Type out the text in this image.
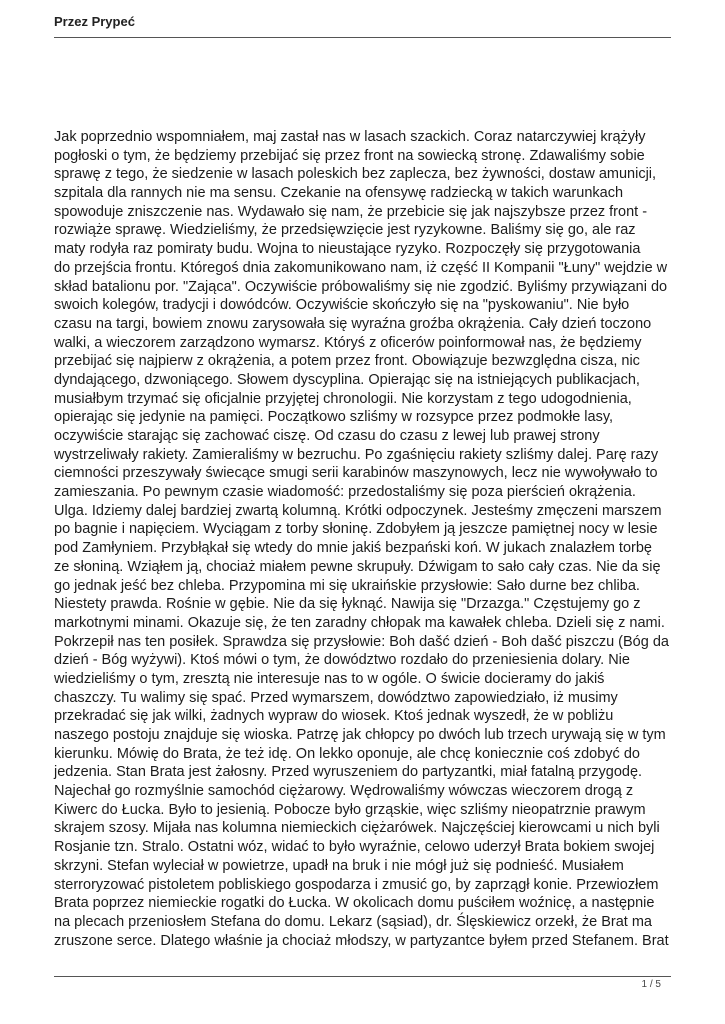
Przez Prypeć
Jak poprzednio wspomniałem, maj zastał nas w lasach szackich. Coraz natarczywiej krążyły
pogłoski o tym, że będziemy przebijać się przez front na sowiecką stronę. Zdawaliśmy sobie
sprawę z tego, że siedzenie w lasach poleskich bez zaplecza, bez żywności, dostaw amunicji,
szpitala dla rannych nie ma sensu. Czekanie na ofensywę radziecką w takich warunkach
spowoduje zniszczenie nas. Wydawało się nam, że przebicie się jak najszybsze przez front -
rozwiąże sprawę. Wiedzieliśmy, że przedsięwzięcie jest ryzykowne. Baliśmy się go, ale raz
maty rodyła raz pomiraty budu. Wojna to nieustające ryzyko. Rozpoczęły się przygotowania
do przejścia frontu. Któregoś dnia zakomunikowano nam, iż część II Kompanii "Łuny" wejdzie w
skład batalionu por. "Zająca". Oczywiście próbowaliśmy się nie zgodzić. Byliśmy przywiązani do
swoich kolegów, tradycji i dowódców. Oczywiście skończyło się na "pyskowaniu". Nie było
czasu na targi, bowiem znowu zarysowała się wyraźna groźba okrążenia. Cały dzień toczono
walki, a wieczorem zarządzono wymarsz. Któryś z oficerów poinformował nas, że będziemy
przebijać się najpierw z okrążenia, a potem przez front. Obowiązuje bezwzględna cisza, nic
dyndającego, dzwoniącego. Słowem dyscyplina. Opierając się na istniejących publikacjach,
musiałbym trzymać się oficjalnie przyjętej chronologii. Nie korzystam z tego udogodnienia,
opierając się jedynie na pamięci. Początkowo szliśmy w rozsypce przez podmokłe lasy,
oczywiście starając się zachować ciszę. Od czasu do czasu z lewej lub prawej strony
wystrzeliwały rakiety. Zamieraliśmy w bezruchu. Po zgaśnięciu rakiety szliśmy dalej. Parę razy
ciemności przeszywały świecące smugi serii karabinów maszynowych, lecz nie wywoływało to
zamieszania. Po pewnym czasie wiadomość: przedostaliśmy się poza pierścień okrążenia.
Ulga. Idziemy dalej bardziej zwartą kolumną. Krótki odpoczynek. Jesteśmy zmęczeni marszem
po bagnie i napięciem. Wyciągam z torby słoninę. Zdobyłem ją jeszcze pamiętnej nocy w lesie
pod Zamłyniem. Przybłąkał się wtedy do mnie jakiś bezpański koń. W jukach znalazłem torbę
ze słoniną. Wziąłem ją, chociaż miałem pewne skrupuły. Dźwigam to sało cały czas. Nie da się
go jednak jeść bez chleba. Przypomina mi się ukraińskie przysłowie: Sało durne bez chliba.
Niestety prawda. Rośnie w gębie. Nie da się łyknąć. Nawija się "Drzazga." Częstujemy go z
markotnymi minami. Okazuje się, że ten zaradny chłopak ma kawałek chleba. Dzieli się z nami.
Pokrzepił nas ten posiłek. Sprawdza się przysłowie: Boh dašć dzień - Boh dašć piszczu (Bóg da
dzień - Bóg wyżywi). Ktoś mówi o tym, że dowództwo rozdało do przeniesienia dolary. Nie
wiedzieliśmy o tym, zresztą nie interesuje nas to w ogóle. O świcie docieramy do jakiś
chaszczy. Tu walimy się spać. Przed wymarszem, dowództwo zapowiedziało, iż musimy
przekradać się jak wilki, żadnych wypraw do wiosek. Ktoś jednak wyszedł, że w pobliżu
naszego postoju znajduje się wioska. Patrzę jak chłopcy po dwóch lub trzech urywają się w tym
kierunku. Mówię do Brata, że też idę. On lekko oponuje, ale chcę koniecznie coś zdobyć do
jedzenia. Stan Brata jest żałosny. Przed wyruszeniem do partyzantki, miał fatalną przygodę.
Najechał go rozmyślnie samochód ciężarowy. Wędrowaliśmy wówczas wieczorem drogą z
Kiwerc do Łucka. Było to jesienią. Pobocze było grząskie, więc szliśmy nieopatrznie prawym
skrajem szosy. Mijała nas kolumna niemieckich ciężarówek. Najczęściej kierowcami u nich byli
Rosjanie tzn. Stralo. Ostatni wóz, widać to było wyraźnie, celowo uderzył Brata bokiem swojej
skrzyni. Stefan wyleciał w powietrze, upadł na bruk i nie mógł już się podnieść. Musiałem
sterroryzować pistoletem pobliskiego gospodarza i zmusić go, by zaprzągł konie. Przewiozłem
Brata poprzez niemieckie rogatki do Łucka. W okolicach domu puściłem woźnicę, a następnie
na plecach przeniosłem Stefana do domu. Lekarz (sąsiad), dr. Ślęskiewicz orzekł, że Brat ma
zruszone serce. Dlatego właśnie ja chociaż młodszy, w partyzantce byłem przed Stefanem. Brat
1 / 5
